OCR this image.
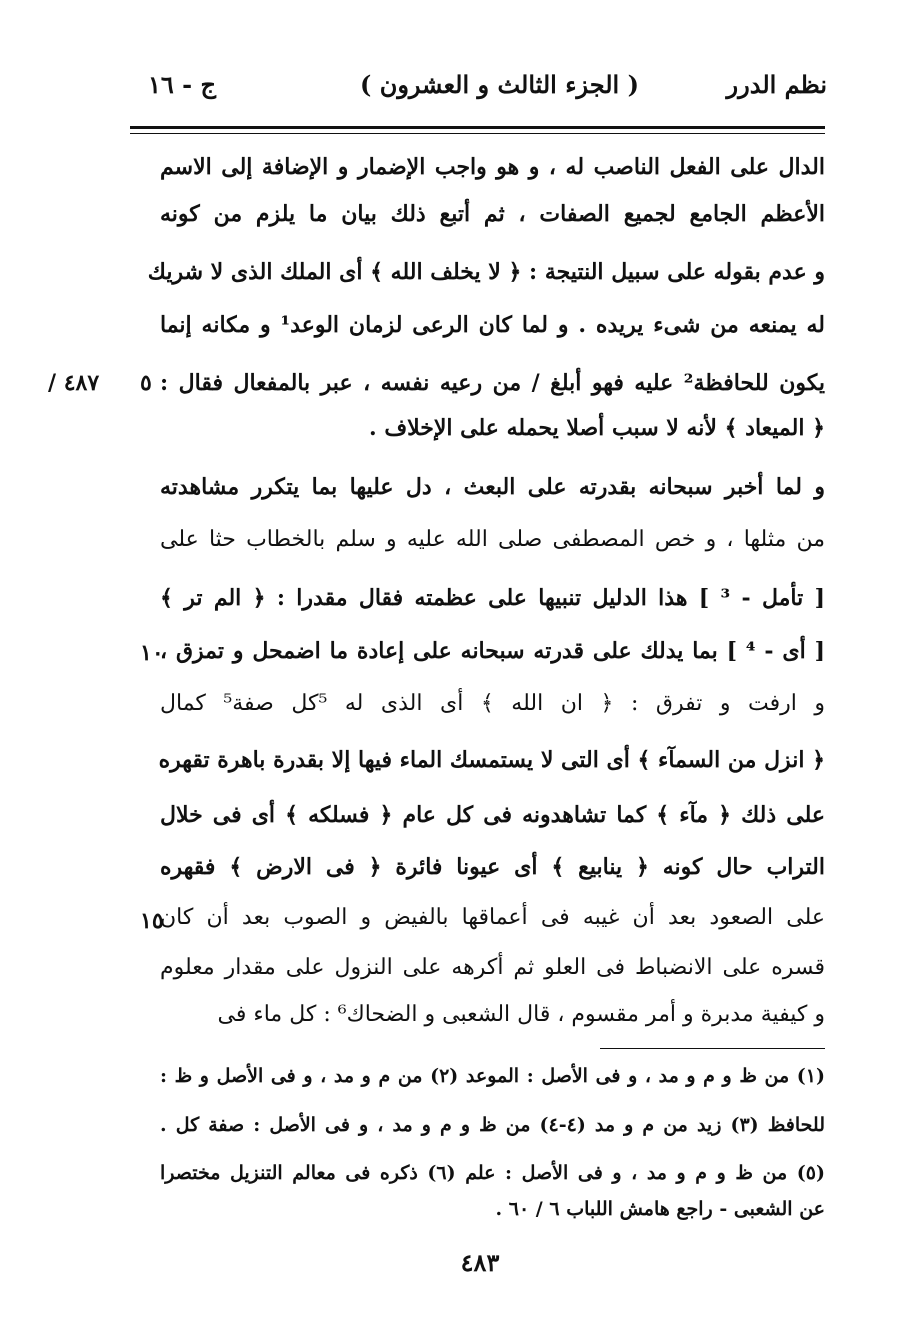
نظم الدرر
( الجزء الثالث و العشرون )
ج - ١٦
الدال على الفعل الناصب له ، و هو واجب الإضمار و الإضافة إلى الاسم
الأعظم الجامع لجميع الصفات ، ثم أتبع ذلك بيان ما يلزم من كونه
و عدم بقوله على سبيل النتيجة : ﴿ لا يخلف الله ﴾ أى الملك الذى لا شريك
له يمنعه من شىء يريده . و لما كان الرعى لزمان الوعد¹ و مكانه إنما
يكون للحافظة² عليه فهو أبلغ / من رعيه نفسه ، عبر بالمفعال فقال :
﴿ الميعاد ﴾ لأنه لا سبب أصلا يحمله على الإخلاف .
و لما أخبر سبحانه بقدرته على البعث ، دل عليها بما يتكرر مشاهدته
من مثلها ، و خص المصطفى صلى الله عليه و سلم بالخطاب حثا على
[ تأمل - ³ ] هذا الدليل تنبيها على عظمته فقال مقدرا : ﴿ الم تر ﴾
[ أى - ⁴ ] بما يدلك على قدرته سبحانه على إعادة ما اضمحل و تمزق ،
و ارفت و تفرق : ﴿ ان الله ﴾ أى الذى له ⁵كل صفة⁵ كمال
﴿ انزل من السمآء ﴾ أى التى لا يستمسك الماء فيها إلا بقدرة باهرة تقهره
على ذلك ﴿ مآء ﴾ كما تشاهدونه فى كل عام ﴿ فسلكه ﴾ أى فى خلال
التراب حال كونه ﴿ ينابيع ﴾ أى عيونا فائرة ﴿ فى الارض ﴾ فقهره
على الصعود بعد أن غيبه فى أعماقها بالفيض و الصوب بعد أن كان
قسره على الانضباط فى العلو ثم أكرهه على النزول على مقدار معلوم
و كيفية مدبرة و أمر مقسوم ، قال الشعبى و الضحاك⁶ : كل ماء فى
٤٨٧ / ٥
١٠
١٥
(١) من ظ و م و مد ، و فى الأصل : الموعد (٢) من م و مد ، و فى الأصل و ظ :
للحافظ (٣) زيد من م و مد (٤-٤) من ظ و م و مد ، و فى الأصل : صفة كل .
(٥) من ظ و م و مد ، و فى الأصل : علم (٦) ذكره فى معالم التنزيل مختصرا
عن الشعبى - راجع هامش اللباب ٦ / ٦٠ .
٤٨٣
